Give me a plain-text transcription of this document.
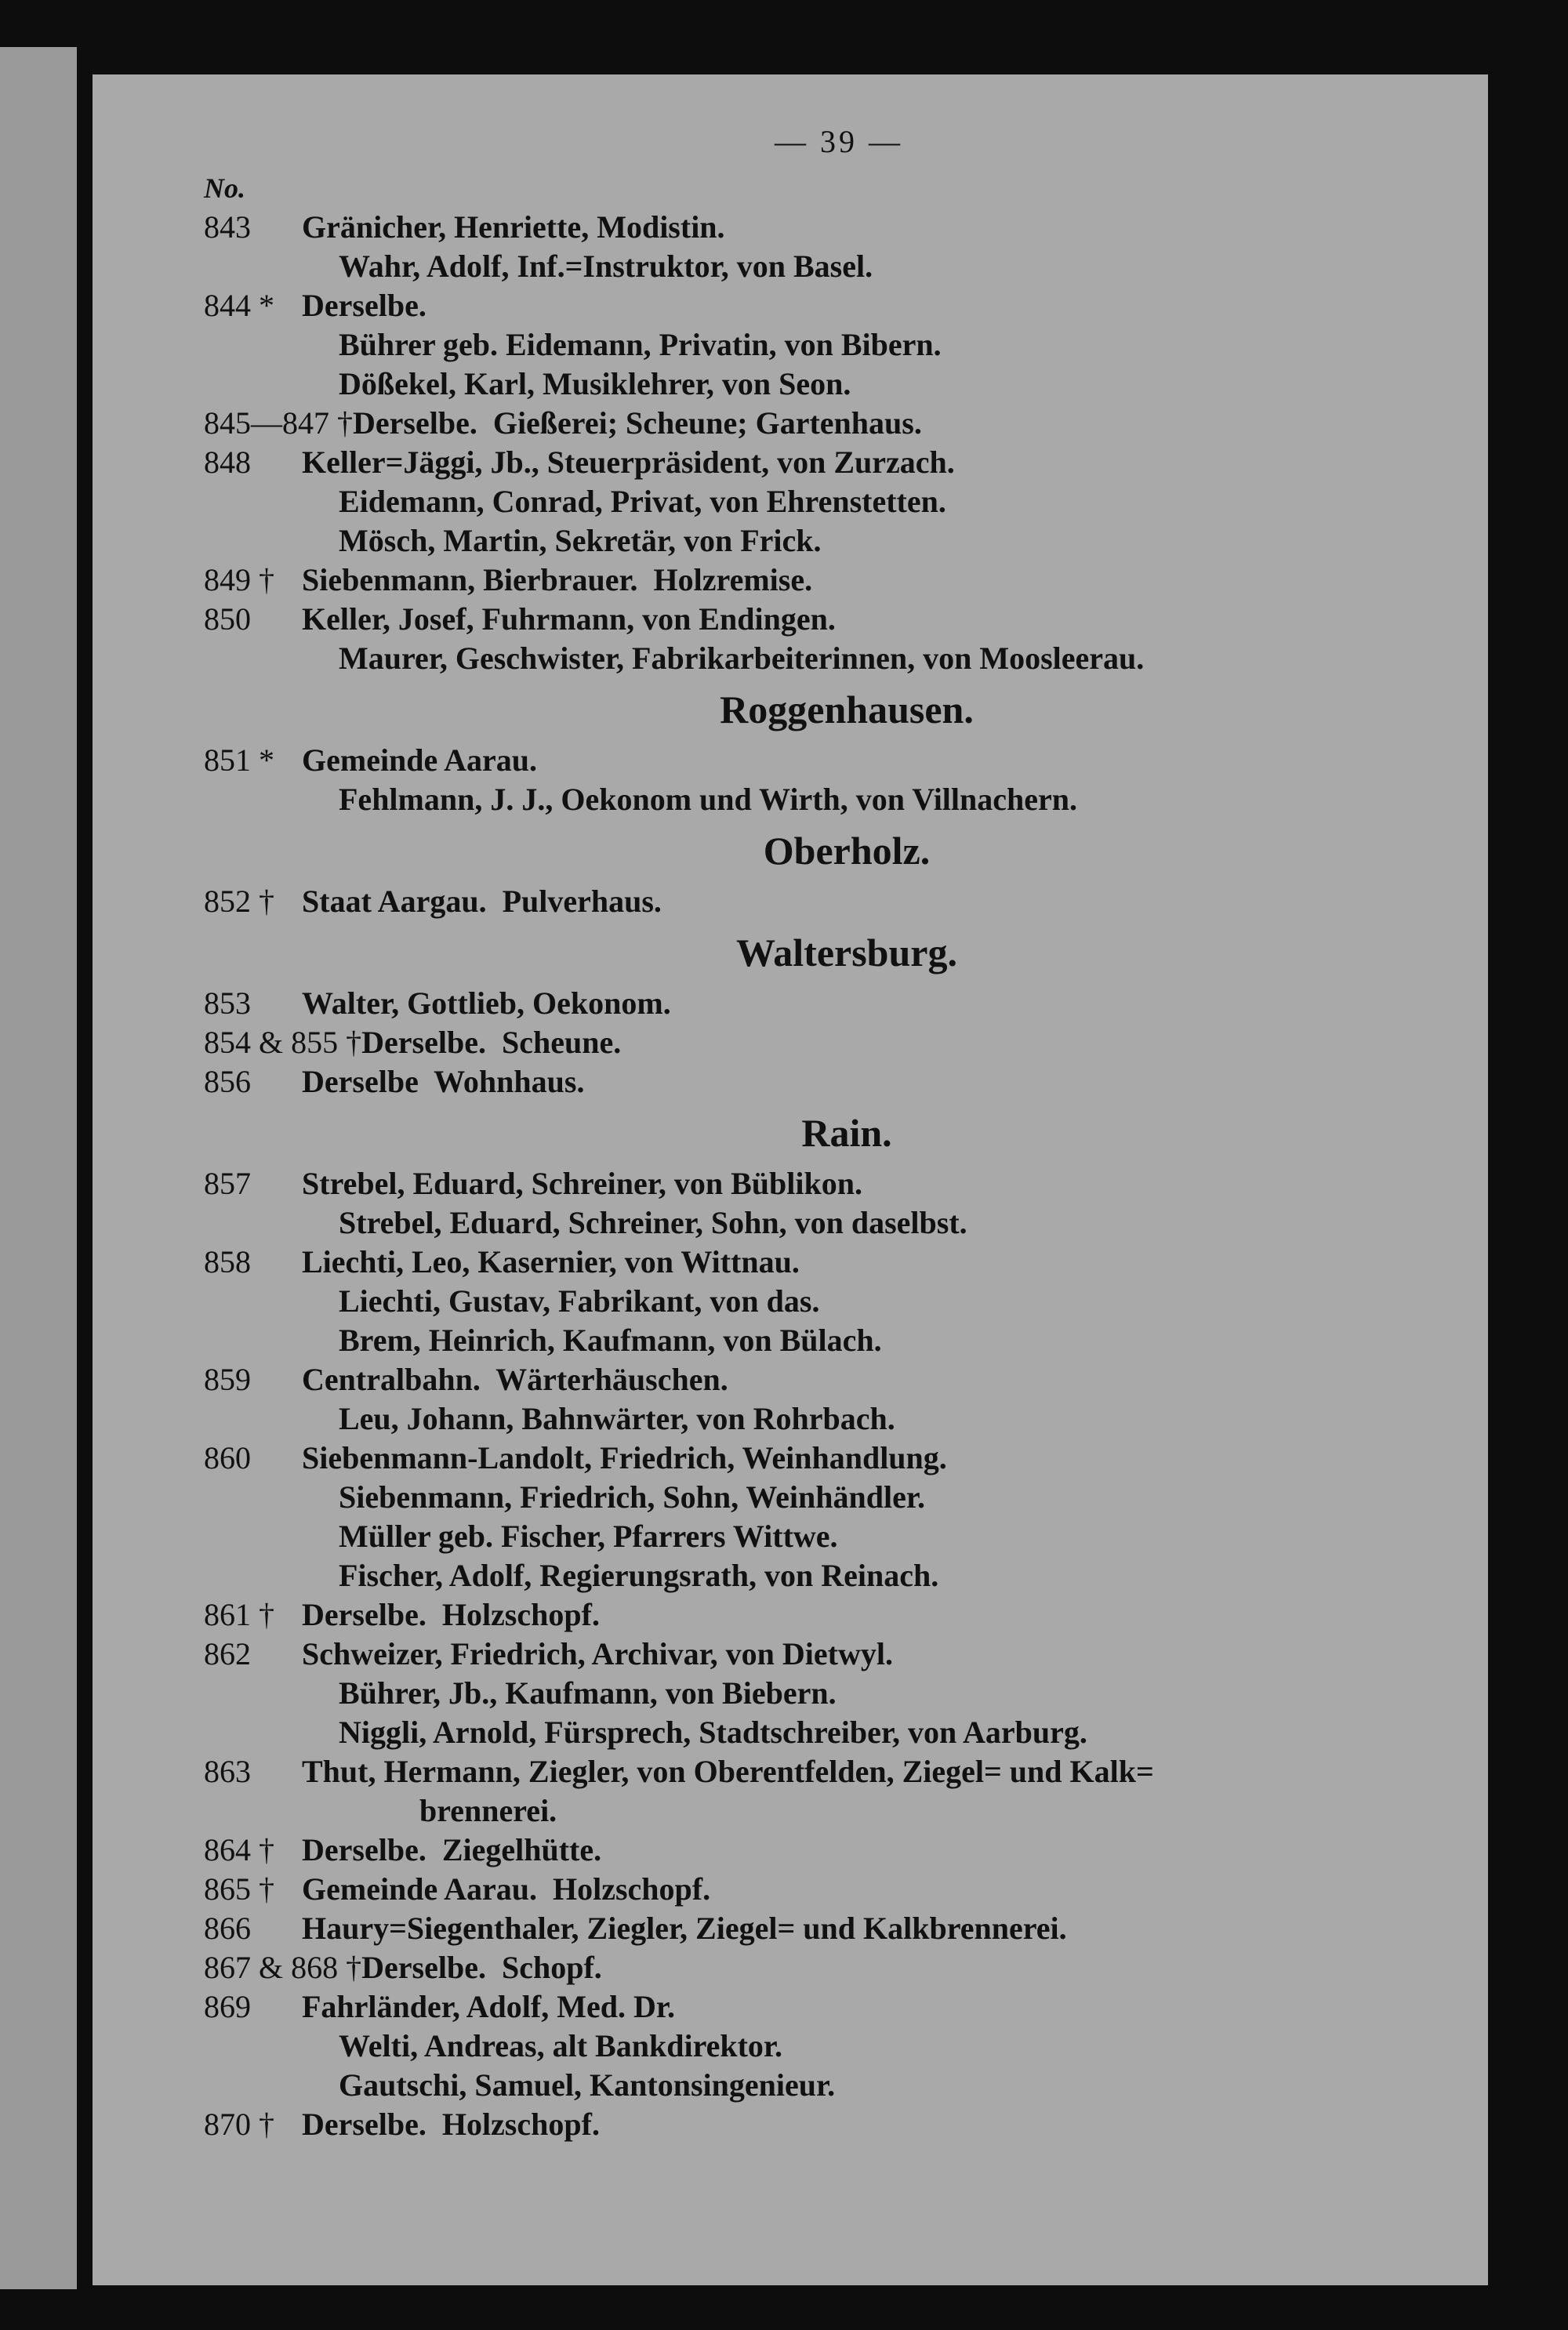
— 39 —
No.
843 Gränicher, Henriette, Modistin.
Wahr, Adolf, Inf.=Instruktor, von Basel.
844 * Derselbe.
Bührer geb. Eidemann, Privatin, von Bibern.
Dößekel, Karl, Musiklehrer, von Seon.
845—847 †Derselbe.  Gießerei; Scheune; Gartenhaus.
848 Keller=Jäggi, Jb., Steuerpräsident, von Zurzach.
Eidemann, Conrad, Privat, von Ehrenstetten.
Mösch, Martin, Sekretär, von Frick.
849 † Siebenmann, Bierbrauer.  Holzremise.
850 Keller, Josef, Fuhrmann, von Endingen.
Maurer, Geschwister, Fabrikarbeiterinnen, von Moosleerau.
Roggenhausen.
851 * Gemeinde Aarau.
Fehlmann, J. J., Oekonom und Wirth, von Villnachern.
Oberholz.
852 † Staat Aargau.  Pulverhaus.
Waltersburg.
853 Walter, Gottlieb, Oekonom.
854 & 855 †Derselbe.  Scheune.
856 Derselbe  Wohnhaus.
Rain.
857 Strebel, Eduard, Schreiner, von Büblikon.
Strebel, Eduard, Schreiner, Sohn, von daselbst.
858 Liechti, Leo, Kasernier, von Wittnau.
Liechti, Gustav, Fabrikant, von das.
Brem, Heinrich, Kaufmann, von Bülach.
859 Centralbahn.  Wärterhäuschen.
Leu, Johann, Bahnwärter, von Rohrbach.
860 Siebenmann-Landolt, Friedrich, Weinhandlung.
Siebenmann, Friedrich, Sohn, Weinhändler.
Müller geb. Fischer, Pfarrers Wittwe.
Fischer, Adolf, Regierungsrath, von Reinach.
861 † Derselbe.  Holzschopf.
862 Schweizer, Friedrich, Archivar, von Dietwyl.
Bührer, Jb., Kaufmann, von Biebern.
Niggli, Arnold, Fürsprech, Stadtschreiber, von Aarburg.
863 Thut, Hermann, Ziegler, von Oberentfelden, Ziegel= und Kalk=
brennerei.
864 † Derselbe.  Ziegelhütte.
865 † Gemeinde Aarau.  Holzschopf.
866 Haury=Siegenthaler, Ziegler, Ziegel= und Kalkbrennerei.
867 & 868 †Derselbe.  Schopf.
869 Fahrländer, Adolf, Med. Dr.
Welti, Andreas, alt Bankdirektor.
Gautschi, Samuel, Kantonsingenieur.
870 † Derselbe.  Holzschopf.
